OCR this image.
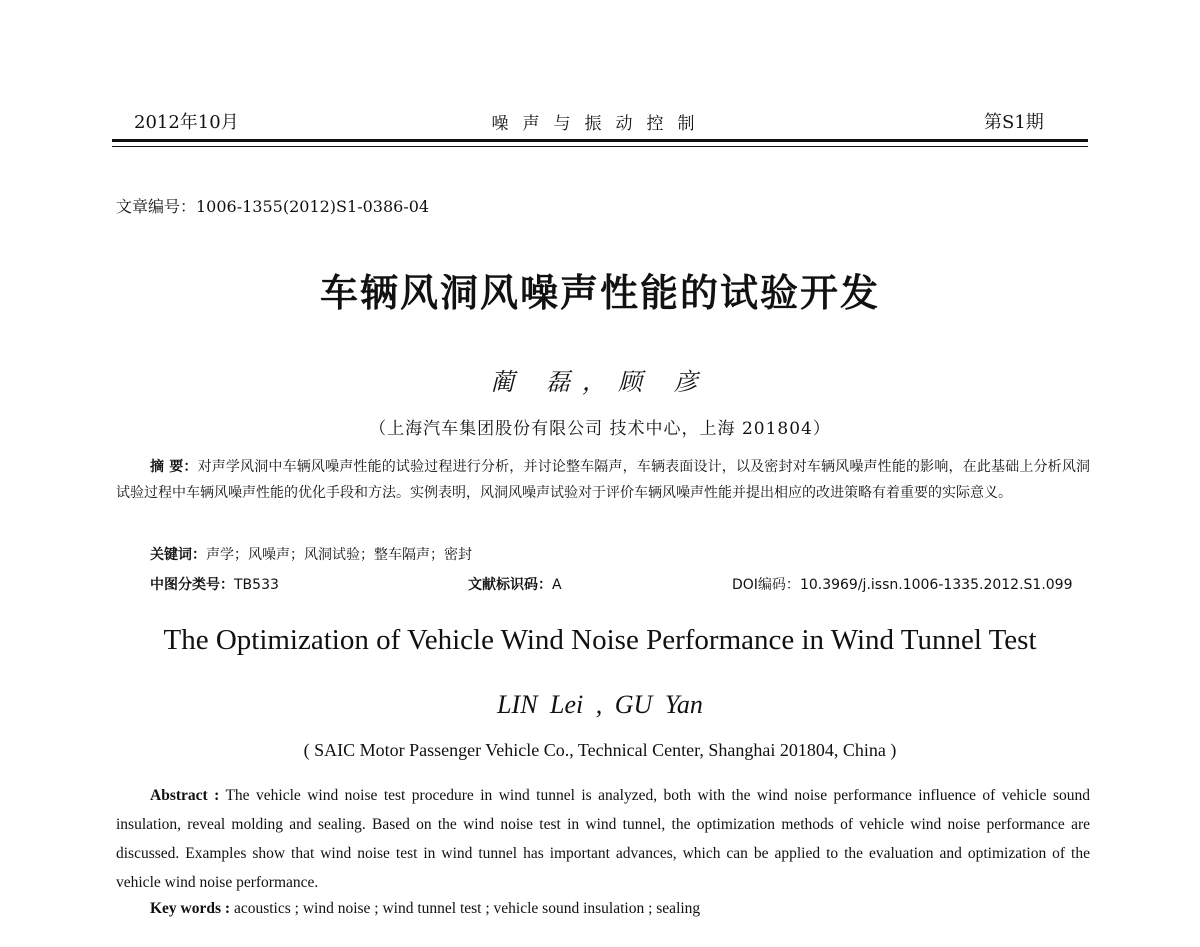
2012年10月	噪声与振动控制	第S1期
文章编号：1006-1355(2012)S1-0386-04
车辆风洞风噪声性能的试验开发
蔺 磊，顾 彦
（上海汽车集团股份有限公司 技术中心，上海 201804）
摘 要：对声学风洞中车辆风噪声性能的试验过程进行分析，并讨论整车隔声，车辆表面设计，以及密封对车辆风噪声性能的影响，在此基础上分析风洞试验过程中车辆风噪声性能的优化手段和方法。实例表明，风洞风噪声试验对于评价车辆风噪声性能并提出相应的改进策略有着重要的实际意义。
关键词：声学；风噪声；风洞试验；整车隔声；密封
中图分类号：TB533	文献标识码：A	DOI编码：10.3969/j.issn.1006-1335.2012.S1.099
The Optimization of Vehicle Wind Noise Performance in Wind Tunnel Test
LIN Lei , GU Yan
( SAIC Motor Passenger Vehicle Co., Technical Center, Shanghai 201804, China )
Abstract : The vehicle wind noise test procedure in wind tunnel is analyzed, both with the wind noise performance influence of vehicle sound insulation, reveal molding and sealing. Based on the wind noise test in wind tunnel, the optimization methods of vehicle wind noise performance are discussed. Examples show that wind noise test in wind tunnel has important advances, which can be applied to the evaluation and optimization of the vehicle wind noise performance.
Key words : acoustics ; wind noise ; wind tunnel test ; vehicle sound insulation ; sealing
